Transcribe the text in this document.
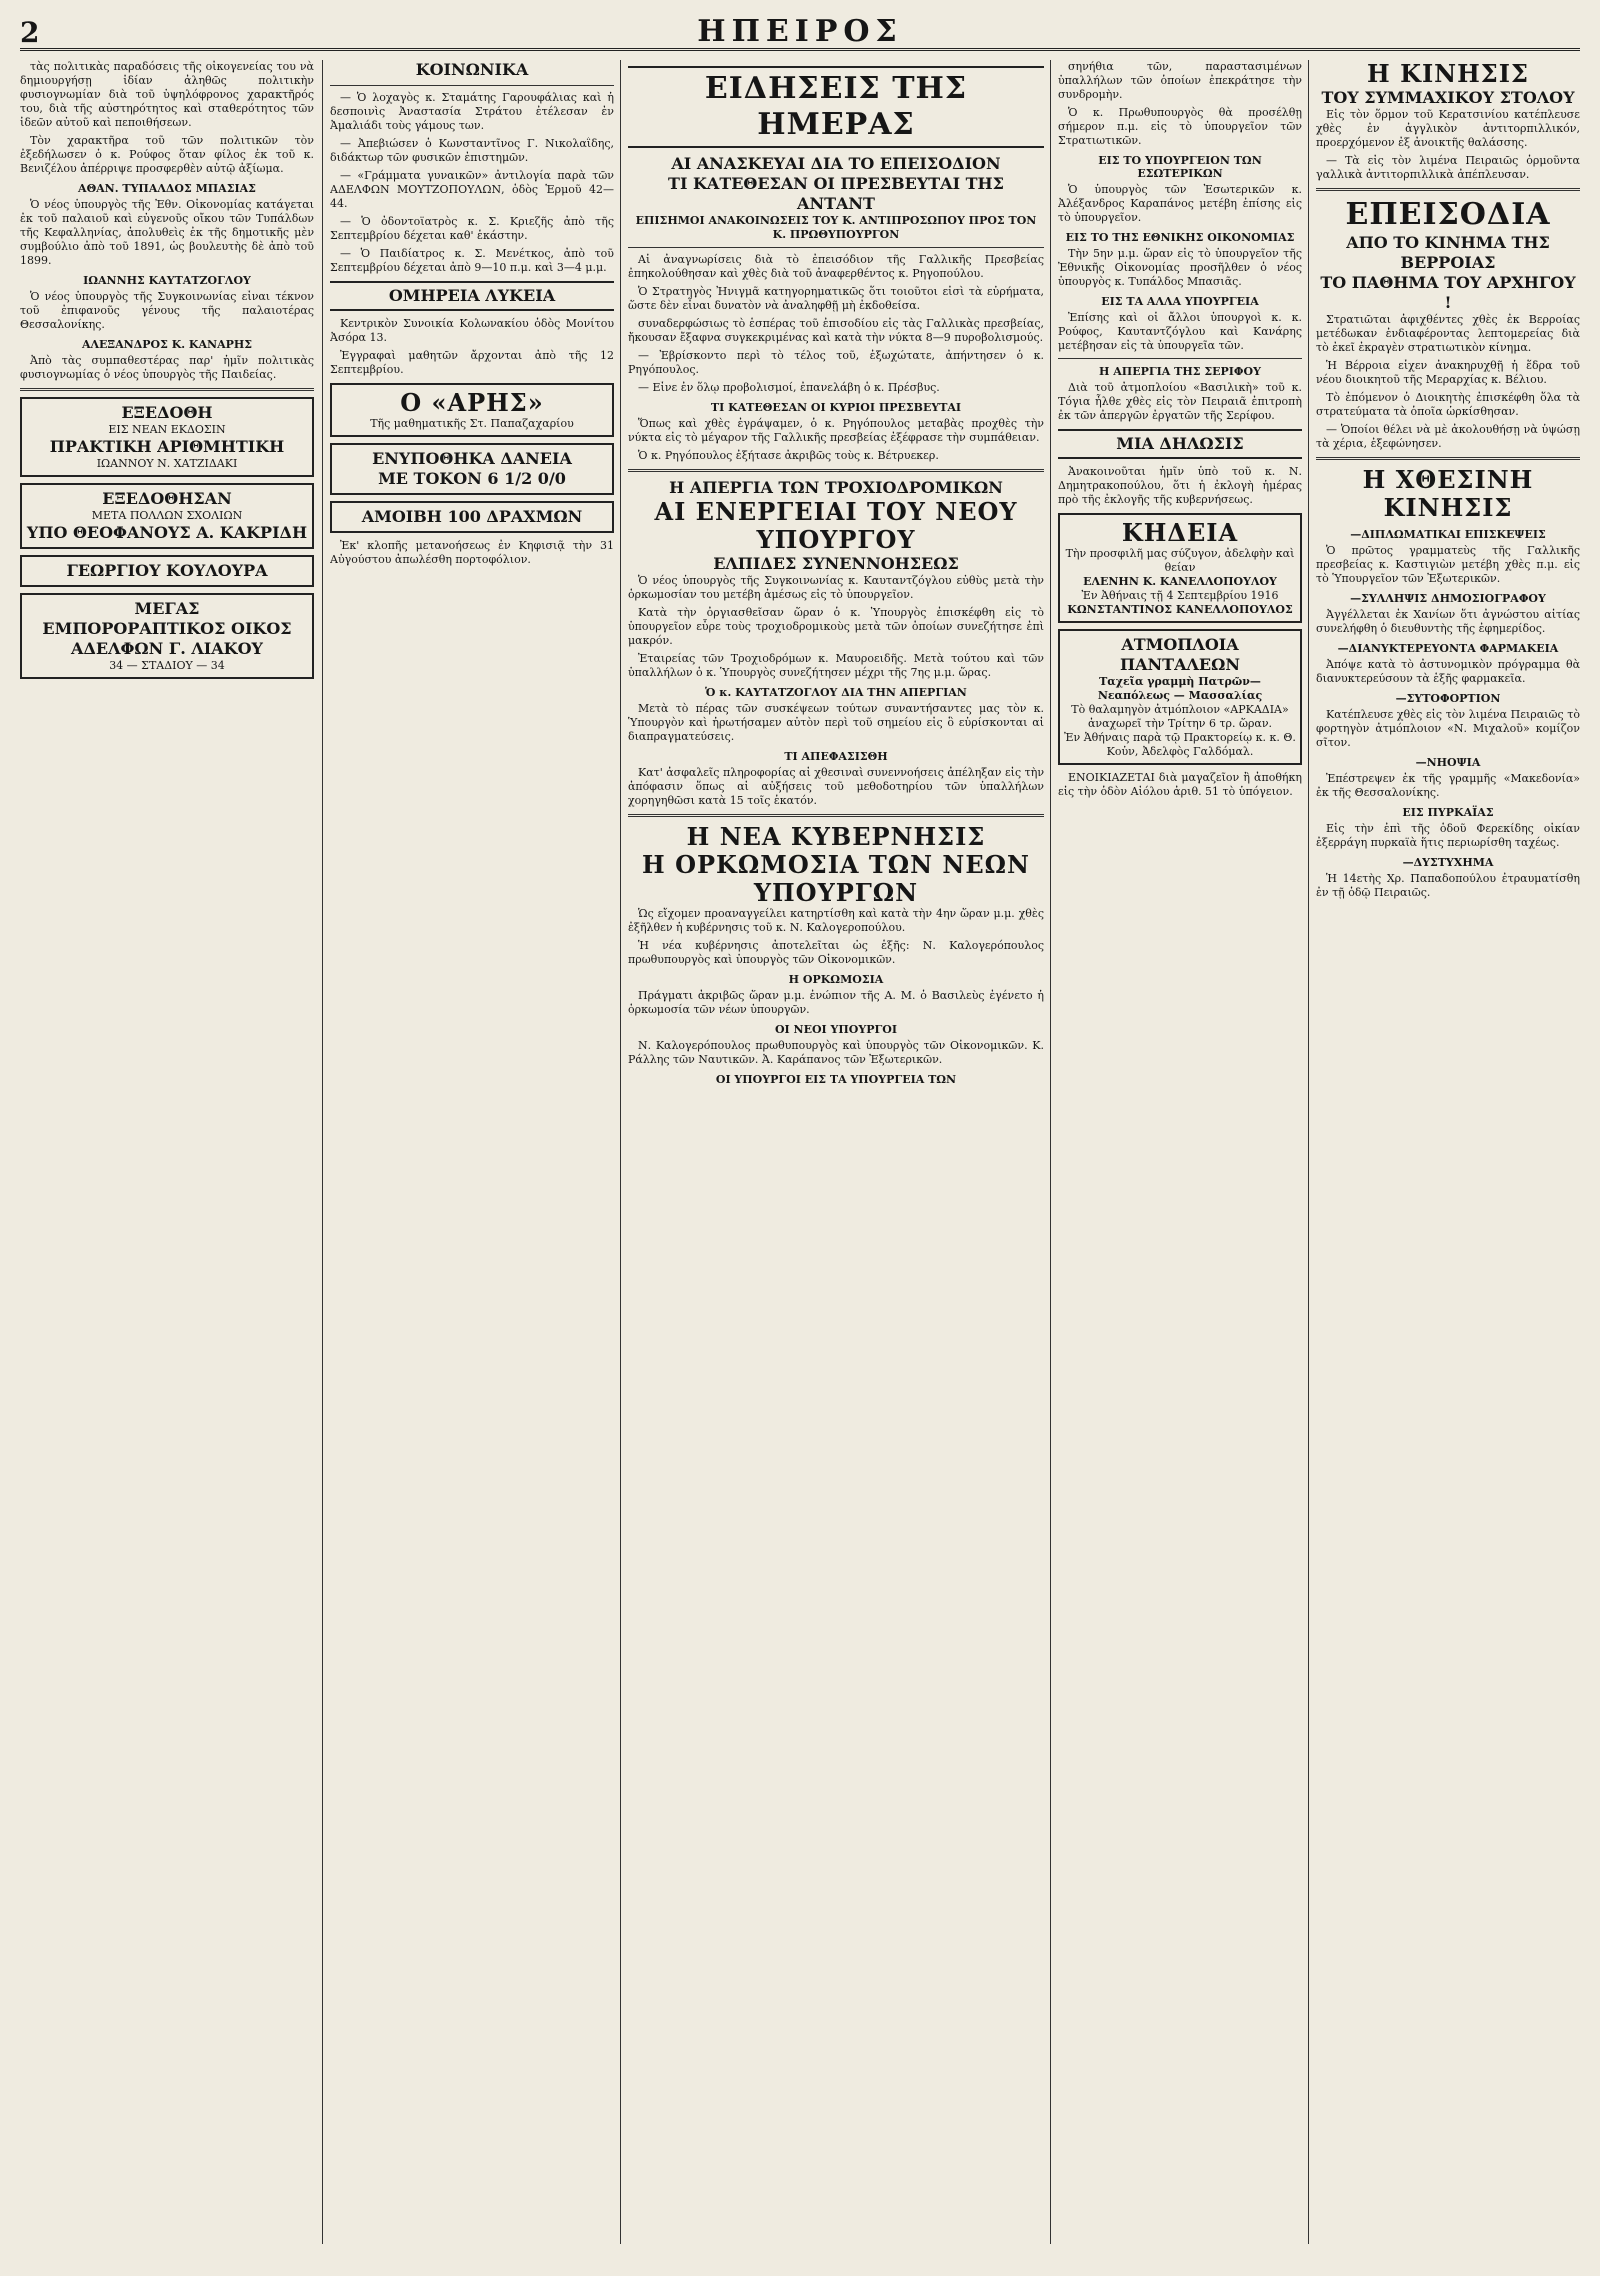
2	ΗΠΕΙΡΟΣ

τὰς πολιτικὰς παραδόσεις τῆς οἰκογενείας του νὰ δημιουργήσῃ ἰδίαν ἀληθῶς πολιτικὴν φυσιογνωμίαν διὰ τοῦ ὑψηλόφρονος χαρακτῆρός του, διὰ τῆς αὐστηρότητος καὶ σταθερότητος τῶν ἰδεῶν αὐτοῦ καὶ πεποιθήσεων.

Τὸν χαρακτῆρα τοῦ τῶν πολιτικῶν τὸν ἐξεδήλωσεν ὁ κ. Ρούφος ὅταν φίλος ἐκ τοῦ κ. Βενιζέλου ἀπέρριψε προσφερθὲν αὐτῷ ἀξίωμα.

ΑΘΑΝ. ΤΥΠΑΛΔΟΣ ΜΠΑΣΙΑΣ

Ὁ νέος ὑπουργὸς τῆς Ἐθν. Οἰκονομίας κατάγεται ἐκ τοῦ παλαιοῦ καὶ εὐγενοῦς οἴκου τῶν Τυπάλδων τῆς Κεφαλληνίας, ἀπολυθεὶς ἐκ τῆς δημοτικῆς μὲν συμβούλιο ἀπὸ τοῦ 1891, ὡς βουλευτὴς δὲ ἀπὸ τοῦ 1899.

ΙΩΑΝΝΗΣ ΚΑΥΤΑΤΖΟΓΛΟΥ

Ὁ νέος ὑπουργὸς τῆς Συγκοινωνίας εἶναι τέκνον τοῦ ἐπιφανοῦς γένους τῆς παλαιοτέρας Θεσσαλονίκης.

ΑΛΕΞΑΝΔΡΟΣ Κ. ΚΑΝΑΡΗΣ

Ἀπὸ τὰς συμπαθεστέρας παρ' ἡμῖν πολιτικὰς φυσιογνωμίας ὁ νέος ὑπουργὸς τῆς Παιδείας.

ΕΞΕΔΟΘΗ
ΕΙΣ ΝΕΑΝ ΕΚΔΟΣΙΝ
ΠΡΑΚΤΙΚΗ ΑΡΙΘΜΗΤΙΚΗ
ΙΩΑΝΝΟΥ Ν. ΧΑΤΖΙΔΑΚΙ
ΕΞΕΔΟΘΗΣΑΝ
ΜΕΤΑ ΠΟΛΛΩΝ ΣΧΟΛΙΩΝ
ΥΠΟ ΘΕΟΦΑΝΟΥΣ Α. ΚΑΚΡΙΔΗ
ΓΕΩΡΓΙΟΥ ΚΟΥΛΟΥΡΑ
ΜΕΓΑΣ
ΕΜΠΟΡΟΡΑΠΤΙΚΟΣ ΟΙΚΟΣ ΑΔΕΛΦΩΝ Γ. ΛΙΑΚΟΥ
34 — ΣΤΑΔΙΟΥ — 34
ΚΟΙΝΩΝΙΚΑ

— Ὁ λοχαγὸς κ. Σταμάτης Γαρουφάλιας καὶ ἡ δεσποινὶς Ἀναστασία Στράτου ἐτέλεσαν ἐν Ἀμαλιάδι τοὺς γάμους των.

— Ἀπεβιώσεν ὁ Κωνσταντῖνος Γ. Νικολαΐδης, διδάκτωρ τῶν φυσικῶν ἐπιστημῶν.

— «Γράμματα γυναικῶν» ἀντιλογία παρὰ τῶν ΑΔΕΛΦΩΝ ΜΟΥΤΖΟΠΟΥΛΩΝ, ὁδὸς Ἑρμοῦ 42—44.

— Ὁ ὀδοντοϊατρὸς κ. Σ. Κριεζῆς ἀπὸ τῆς Σεπτεμβρίου δέχεται καθ' ἑκάστην.

— Ὁ Παιδίατρος κ. Σ. Μενέτκος, ἀπὸ τοῦ Σεπτεμβρίου δέχεται ἀπὸ 9—10 π.μ. καὶ 3—4 μ.μ.

ΟΜΗΡΕΙΑ ΛΥΚΕΙΑ

Κεντρικὸν Συνοικία Κολωνακίου ὁδὸς Μονίτου Ἀσόρα 13.

Ἐγγραφαὶ μαθητῶν ἄρχονται ἀπὸ τῆς 12 Σεπτεμβρίου.

Ο «ΑΡΗΣ»
Τῆς μαθηματικῆς Στ. Παπαζαχαρίου
ΕΝΥΠΟΘΗΚΑ ΔΑΝΕΙΑ
ΜΕ ΤΟΚΟΝ 6 1/2 0/0
ΑΜΟΙΒΗ 100 ΔΡΑΧΜΩΝ

Ἐκ' κλοπῆς μετανοήσεως ἐν Κηφισιᾷ τὴν 31 Αὐγούστου ἀπωλέσθη πορτοφόλιον.

ΕΙΔΗΣΕΙΣ ΤΗΣ ΗΜΕΡΑΣ
ΑΙ ΑΝΑΣΚΕΥΑΙ ΔΙΑ ΤΟ ΕΠΕΙΣΟΔΙΟΝ
ΤΙ ΚΑΤΕΘΕΣΑΝ ΟΙ ΠΡΕΣΒΕΥΤΑΙ ΤΗΣ ΑΝΤΑΝΤ
ΕΠΙΣΗΜΟΙ ΑΝΑΚΟΙΝΩΣΕΙΣ ΤΟΥ Κ. ΑΝΤΙΠΡΟΣΩΠΟΥ ΠΡΟΣ ΤΟΝ Κ. ΠΡΩΘΥΠΟΥΡΓΟΝ

Αἱ ἀναγνωρίσεις διὰ τὸ ἐπεισόδιον τῆς Γαλλικῆς Πρεσβείας ἐπηκολούθησαν καὶ χθὲς διὰ τοῦ ἀναφερθέντος κ. Ρηγοπούλου.

Ὁ Στρατηγὸς Ἠνιγμᾶ κατηγορηματικῶς ὅτι τοιοῦτοι εἰσὶ τὰ εὐρήματα, ὥστε δὲν εἶναι δυνατὸν νὰ ἀναληφθῇ μὴ ἐκδοθείσα.

συναδερφώσιως τὸ ἑσπέρας τοῦ ἐπισοδίου εἰς τὰς Γαλλικὰς πρεσβείας, ἤκουσαν ἔξαφνα συγκεκριμένας καὶ κατὰ τὴν νύκτα 8—9 πυροβολισμούς.

— Ἐβρίσκοντο περὶ τὸ τέλος τοῦ, ἐξωχώτατε, ἀπήντησεν ὁ κ. Ρηγόπουλος.

— Εἶνε ἐν ὅλῳ προβολισμοί, ἐπανελάβη ὁ κ. Πρέσβυς.

ΤΙ ΚΑΤΕΘΕΣΑΝ ΟΙ ΚΥΡΙΟΙ ΠΡΕΣΒΕΥΤΑΙ

Ὅπως καὶ χθὲς ἐγράψαμεν, ὁ κ. Ρηγόπουλος μεταβὰς προχθὲς τὴν νύκτα εἰς τὸ μέγαρον τῆς Γαλλικῆς πρεσβείας ἐξέφρασε τὴν συμπάθειαν.

Ὁ κ. Ρηγόπουλος ἐξήτασε ἀκριβῶς τοὺς κ. Βέτρυεκερ.

Η ΑΠΕΡΓΙΑ ΤΩΝ ΤΡΟΧΙΟΔΡΟΜΙΚΩΝ
ΑΙ ΕΝΕΡΓΕΙΑΙ ΤΟΥ ΝΕΟΥ ΥΠΟΥΡΓΟΥ
ΕΛΠΙΔΕΣ ΣΥΝΕΝΝΟΗΣΕΩΣ

Ὁ νέος ὑπουργὸς τῆς Συγκοινωνίας κ. Καυταντζόγλου εὐθὺς μετὰ τὴν ὁρκωμοσίαν του μετέβη ἀμέσως εἰς τὸ ὑπουργεῖον.

Κατὰ τὴν ὀργιασθεῖσαν ὥραν ὁ κ. Ὑπουργὸς ἐπισκέφθη εἰς τὸ ὑπουργεῖον εὗρε τοὺς τροχιοδρομικοὺς μετὰ τῶν ὁποίων συνεζήτησε ἐπὶ μακρόν.

Ἐταιρείας τῶν Τροχιοδρόμων κ. Μαυροειδῆς. Μετὰ τούτου καὶ τῶν ὑπαλλήλων ὁ κ. Ὑπουργὸς συνεζήτησεν μέχρι τῆς 7ης μ.μ. ὥρας.

Ὁ κ. ΚΑΥΤΑΤΖΟΓΛΟΥ ΔΙΑ ΤΗΝ ΑΠΕΡΓΙΑΝ

Μετὰ τὸ πέρας τῶν συσκέψεων τούτων συναντήσαντες μας τὸν κ. Ὑπουργὸν καὶ ἠρωτήσαμεν αὐτὸν περὶ τοῦ σημείου εἰς ὃ εὑρίσκονται αἱ διαπραγματεύσεις.

ΤΙ ΑΠΕΦΑΣΙΣΘΗ

Κατ' ἀσφαλεῖς πληροφορίας αἱ χθεσιναὶ συνεννοήσεις ἀπέληξαν εἰς τὴν ἀπόφασιν ὅπως αἱ αὐξήσεις τοῦ μεθοδοτηρίου τῶν ὑπαλλήλων χορηγηθῶσι κατὰ 15 τοῖς ἑκατόν.

Η ΝΕΑ ΚΥΒΕΡΝΗΣΙΣ
Η ΟΡΚΩΜΟΣΙΑ ΤΩΝ ΝΕΩΝ ΥΠΟΥΡΓΩΝ

Ὡς εἴχομεν προαναγγείλει κατηρτίσθη καὶ κατὰ τὴν 4ην ὥραν μ.μ. χθὲς ἐξῆλθεν ἡ κυβέρνησις τοῦ κ. Ν. Καλογεροπούλου.

Ἡ νέα κυβέρνησις ἀποτελεῖται ὡς ἑξῆς: Ν. Καλογερόπουλος πρωθυπουργὸς καὶ ὑπουργὸς τῶν Οἰκονομικῶν.

Η ΟΡΚΩΜΟΣΙΑ

Πράγματι ἀκριβῶς ὥραν μ.μ. ἐνώπιον τῆς Α. Μ. ὁ Βασιλεὺς ἐγένετο ἡ ὁρκωμοσία τῶν νέων ὑπουργῶν.

ΟΙ ΝΕΟΙ ΥΠΟΥΡΓΟΙ

Ν. Καλογερόπουλος πρωθυπουργὸς καὶ ὑπουργὸς τῶν Οἰκονομικῶν. Κ. Ράλλης τῶν Ναυτικῶν. Ἀ. Καράπανος τῶν Ἐξωτερικῶν.

ΟΙ ΥΠΟΥΡΓΟΙ ΕΙΣ ΤΑ ΥΠΟΥΡΓΕΙΑ ΤΩΝ

σηνήθια τῶν, παραστασιμένων ὑπαλλήλων τῶν ὁποίων ἐπεκράτησε τὴν συνδρομὴν.

Ὁ κ. Πρωθυπουργὸς θὰ προσέλθῃ σήμερον π.μ. εἰς τὸ ὑπουργεῖον τῶν Στρατιωτικῶν.

ΕΙΣ ΤΟ ΥΠΟΥΡΓΕΙΟΝ ΤΩΝ ΕΣΩΤΕΡΙΚΩΝ

Ὁ ὑπουργὸς τῶν Ἐσωτερικῶν κ. Ἀλέξανδρος Καραπάνος μετέβη ἐπίσης εἰς τὸ ὑπουργεῖον.

ΕΙΣ ΤΟ ΤΗΣ ΕΘΝΙΚΗΣ ΟΙΚΟΝΟΜΙΑΣ

Τὴν 5ην μ.μ. ὥραν εἰς τὸ ὑπουργεῖον τῆς Ἐθνικῆς Οἰκονομίας προσῆλθεν ὁ νέος ὑπουργὸς κ. Τυπάλδος Μπασιᾶς.

ΕΙΣ ΤΑ ΑΛΛΑ ΥΠΟΥΡΓΕΙΑ

Ἐπίσης καὶ οἱ ἄλλοι ὑπουργοὶ κ. κ. Ρούφος, Καυταντζόγλου καὶ Κανάρης μετέβησαν εἰς τὰ ὑπουργεῖα τῶν.

Η ΑΠΕΡΓΙΑ ΤΗΣ ΣΕΡΙΦΟΥ

Διὰ τοῦ ἀτμοπλοίου «Βασιλικὴ» τοῦ κ. Τόγια ἦλθε χθὲς εἰς τὸν Πειραιᾶ ἐπιτροπὴ ἐκ τῶν ἀπεργῶν ἐργατῶν τῆς Σερίφου.

ΜΙΑ ΔΗΛΩΣΙΣ

Ἀνακοινοῦται ἡμῖν ὑπὸ τοῦ κ. Ν. Δημητρακοπούλου, ὅτι ἡ ἐκλογὴ ἡμέρας πρὸ τῆς ἐκλογῆς τῆς κυβερνήσεως.

ΚΗΔΕΙΑ
Τὴν προσφιλῆ μας σύζυγον, ἀδελφὴν καὶ θείαν
ΕΛΕΝΗΝ Κ. ΚΑΝΕΛΛΟΠΟΥΛΟΥ
Ἐν Ἀθήναις τῇ 4 Σεπτεμβρίου 1916
ΚΩΝΣΤΑΝΤΙΝΟΣ ΚΑΝΕΛΛΟΠΟΥΛΟΣ
ΑΤΜΟΠΛΟΙΑ ΠΑΝΤΑΛΕΩΝ
Ταχεῖα γραμμὴ Πατρῶν—Νεαπόλεως — Μασσαλίας
Τὸ θαλαμηγὸν ἀτμόπλοιον «ΑΡΚΑΔΙΑ» ἀναχωρεῖ τὴν Τρίτην 6 τρ. ὥραν.
Ἐν Ἀθήναις παρὰ τῷ Πρακτορείῳ κ. κ. Θ. Κοὐν, Ἀδελφὸς Γαλδόμαλ.

ΕΝΟΙΚΙΑΖΕΤΑΙ διὰ μαγαζεῖον ἢ ἀποθήκη εἰς τὴν ὁδὸν Αἰόλου ἀριθ. 51 τὸ ὑπόγειον.

Η ΚΙΝΗΣΙΣ
ΤΟΥ ΣΥΜΜΑΧΙΚΟΥ ΣΤΟΛΟΥ

Εἰς τὸν ὅρμον τοῦ Κερατσινίου κατέπλευσε χθὲς ἐν ἀγγλικὸν ἀντιτορπιλλικόν, προερχόμενον ἐξ ἀνοικτῆς θαλάσσης.

— Τὰ εἰς τὸν λιμένα Πειραιῶς ὁρμοῦντα γαλλικὰ ἀντιτορπιλλικὰ ἀπέπλευσαν.

ΕΠΕΙΣΟΔΙΑ
ΑΠΟ ΤΟ ΚΙΝΗΜΑ ΤΗΣ ΒΕΡΡΟΙΑΣ
ΤΟ ΠΑΘΗΜΑ ΤΟΥ ΑΡΧΗΓΟΥ !

Στρατιῶται ἀφιχθέντες χθὲς ἐκ Βερροίας μετέδωκαν ἐνδιαφέροντας λεπτομερείας διὰ τὸ ἐκεῖ ἐκραγὲν στρατιωτικὸν κίνημα.

Ἡ Βέρροια εἶχεν ἀνακηρυχθῇ ἡ ἕδρα τοῦ νέου διοικητοῦ τῆς Μεραρχίας κ. Βέλιου.

Τὸ ἐπόμενον ὁ Διοικητὴς ἐπισκέφθη ὅλα τὰ στρατεύματα τὰ ὁποῖα ὡρκίσθησαν.

— Ὁποίοι θέλει νὰ μὲ ἀκολουθήσῃ νὰ ὑψώσῃ τὰ χέρια, ἐξεφώνησεν.

Η ΧΘΕΣΙΝΗ
ΚΙΝΗΣΙΣ
—ΔΙΠΛΩΜΑΤΙΚΑΙ ΕΠΙΣΚΕΨΕΙΣ

Ὁ πρῶτος γραμματεὺς τῆς Γαλλικῆς πρεσβείας κ. Καστιγιὼν μετέβη χθὲς π.μ. εἰς τὸ Ὑπουργεῖον τῶν Ἐξωτερικῶν.

—ΣΥΛΛΗΨΙΣ ΔΗΜΟΣΙΟΓΡΑΦΟΥ

Ἀγγέλλεται ἐκ Χανίων ὅτι ἀγνώστου αἰτίας συνελήφθη ὁ διευθυντὴς τῆς ἐφημερίδος.

—ΔΙΑΝΥΚΤΕΡΕΥΟΝΤΑ ΦΑΡΜΑΚΕΙΑ

Ἀπόψε κατὰ τὸ ἀστυνομικὸν πρόγραμμα θὰ διανυκτερεύσουν τὰ ἑξῆς φαρμακεῖα.

—ΣΥΤΟΦΟΡΤΙΟΝ

Κατέπλευσε χθὲς εἰς τὸν λιμένα Πειραιῶς τὸ φορτηγὸν ἀτμόπλοιον «Ν. Μιχαλοῦ» κομίζον σῖτον.

—ΝΗΟΨΙΑ

Ἐπέστρεψεν ἐκ τῆς γραμμῆς «Μακεδονία» ἐκ τῆς Θεσσαλονίκης.

ΕΙΣ ΠΥΡΚΑΪΑΣ

Εἰς τὴν ἐπὶ τῆς ὁδοῦ Φερεκίδης οἰκίαν ἐξερράγη πυρκαϊὰ ἥτις περιωρίσθη ταχέως.

—ΔΥΣΤΥΧΗΜΑ

Ἡ 14ετὴς Χρ. Παπαδοπούλου ἐτραυματίσθη ἐν τῇ ὁδῷ Πειραιῶς.
